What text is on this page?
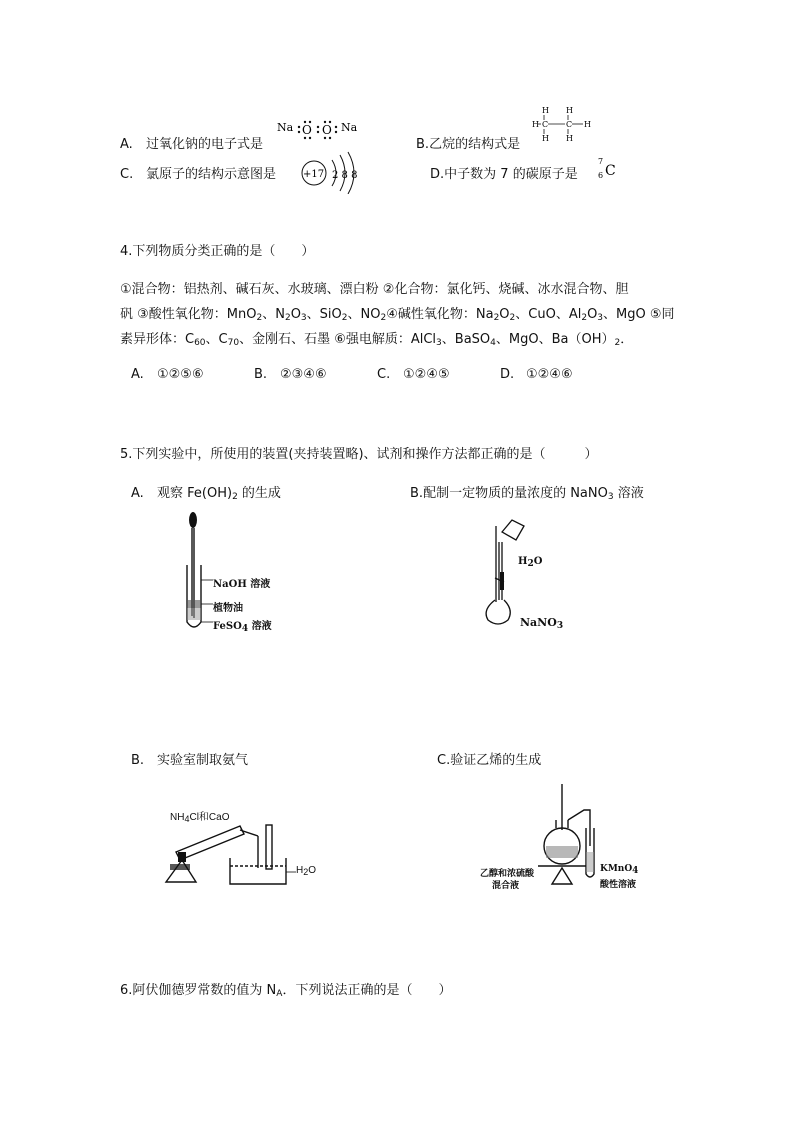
A. 过氧化钠的电子式是
Na O O Na
B.乙烷的结构式是
H H
H C C H
H H
C. 氯原子的结构示意图是	+17 2 8 8	D.中子数为 7 的碳原子是
7
6 C
4.下列物质分类正确的是（　　）
①混合物：铝热剂、碱石灰、水玻璃、漂白粉 ②化合物：氯化钙、烧碱、冰水混合物、胆
矾 ③酸性氧化物：MnO$_2$、$N_2O_3$、SiO$_2$、$NO_2④$碱性氧化物：$Na_2O_2$、CuO、$Al_2O_3$、MgO ⑤同
素异形体：$C_{60}$、$C_{70}$、金刚石、石墨 ⑥强电解质：AlCl$_3$、BaSO$_4$、MgO、$Ba(OH)_2$．
A. ①②⑤⑥	B. ②③④⑥	C. ①②④⑤	D. ①②④⑥
5.下列实验中，所使用的装置(夹持装置略)、试剂和操作方法都正确的是（　　　）
A. 观察 $Fe(OH)_2$ 的生成	B.配制一定物质的量浓度的 NaNO$_3$ 溶液
NaOH 溶液
植物油
FeSO$_4$ 溶液
$H_2O$
NaNO$_3$
B. 实验室制取氨气	C.验证乙烯的生成
$NH_4Cl$和CaO
$H_2O$	乙醇和浓硫酸
混合液
KMnO$_4$
酸性溶液
6.阿伏伽德罗常数的值为 $N_A$．下列说法正确的是（　　）
